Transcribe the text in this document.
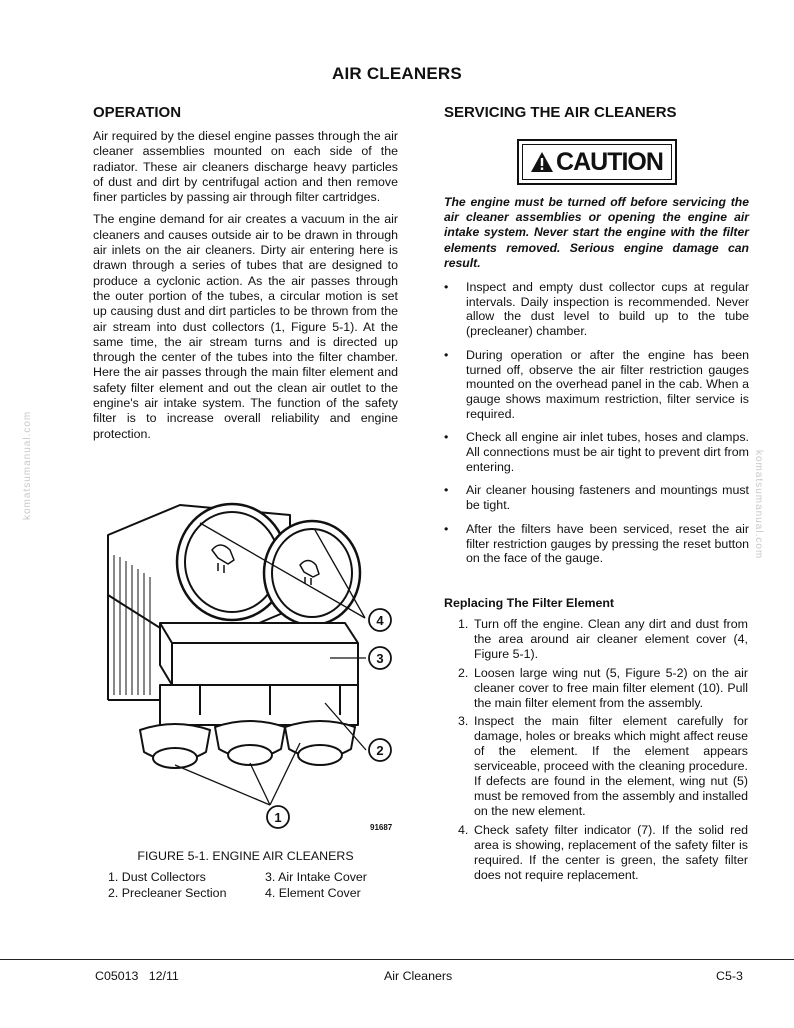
AIR CLEANERS
komatsumanual.com	komatsumanual.com
OPERATION

Air required by the diesel engine passes through the air cleaner assemblies mounted on each side of the radiator. These air cleaners discharge heavy particles of dust and dirt by centrifugal action and then remove finer particles by passing air through filter cartridges.

The engine demand for air creates a vacuum in the air cleaners and causes outside air to be drawn in through air inlets on the air cleaners. Dirty air entering here is drawn through a series of tubes that are designed to produce a cyclonic action. As the air passes through the outer portion of the tubes, a circular motion is set up causing dust and dirt particles to be thrown from the air stream into dust collectors (1, Figure 5-1). At the same time, the air stream turns and is directed up through the center of the tubes into the filter chamber. Here the air passes through the main filter element and safety filter element and out the clean air outlet to the engine's air intake system. The function of the safety filter is to increase overall reliability and engine protection.

SERVICING THE AIR CLEANERS
CAUTION

The engine must be turned off before servicing the air cleaner assemblies or opening the engine air intake system. Never start the engine with the filter elements removed. Serious engine damage can result.

• Inspect and empty dust collector cups at regular intervals. Daily inspection is recommended. Never allow the dust level to build up to the tube (precleaner) chamber.
• During operation or after the engine has been turned off, observe the air filter restriction gauges mounted on the overhead panel in the cab. When a gauge shows maximum restriction, filter service is required.
• Check all engine air inlet tubes, hoses and clamps. All connections must be air tight to prevent dirt from entering.
• Air cleaner housing fasteners and mountings must be tight.
• After the filters have been serviced, reset the air filter restriction gauges by pressing the reset button on the face of the gauge.
Replacing The Filter Element
1. Turn off the engine. Clean any dirt and dust from the area around air cleaner element cover (4, Figure 5-1).
2. Loosen large wing nut (5, Figure 5-2) on the air cleaner cover to free main filter element (10). Pull the main filter element from the assembly.
3. Inspect the main filter element carefully for damage, holes or breaks which might affect reuse of the element. If the element appears serviceable, proceed with the cleaning procedure. If defects are found in the element, wing nut (5) must be removed from the assembly and installed on the new element.
4. Check safety filter indicator (7). If the solid red area is showing, replacement of the safety filter is required. If the center is green, the safety filter does not require replacement.
4
3
2
1
91687
FIGURE 5-1. ENGINE AIR CLEANERS
1. Dust Collectors
2. Precleaner Section
3. Air Intake Cover
4. Element Cover
C05013   12/11	Air Cleaners	C5-3
